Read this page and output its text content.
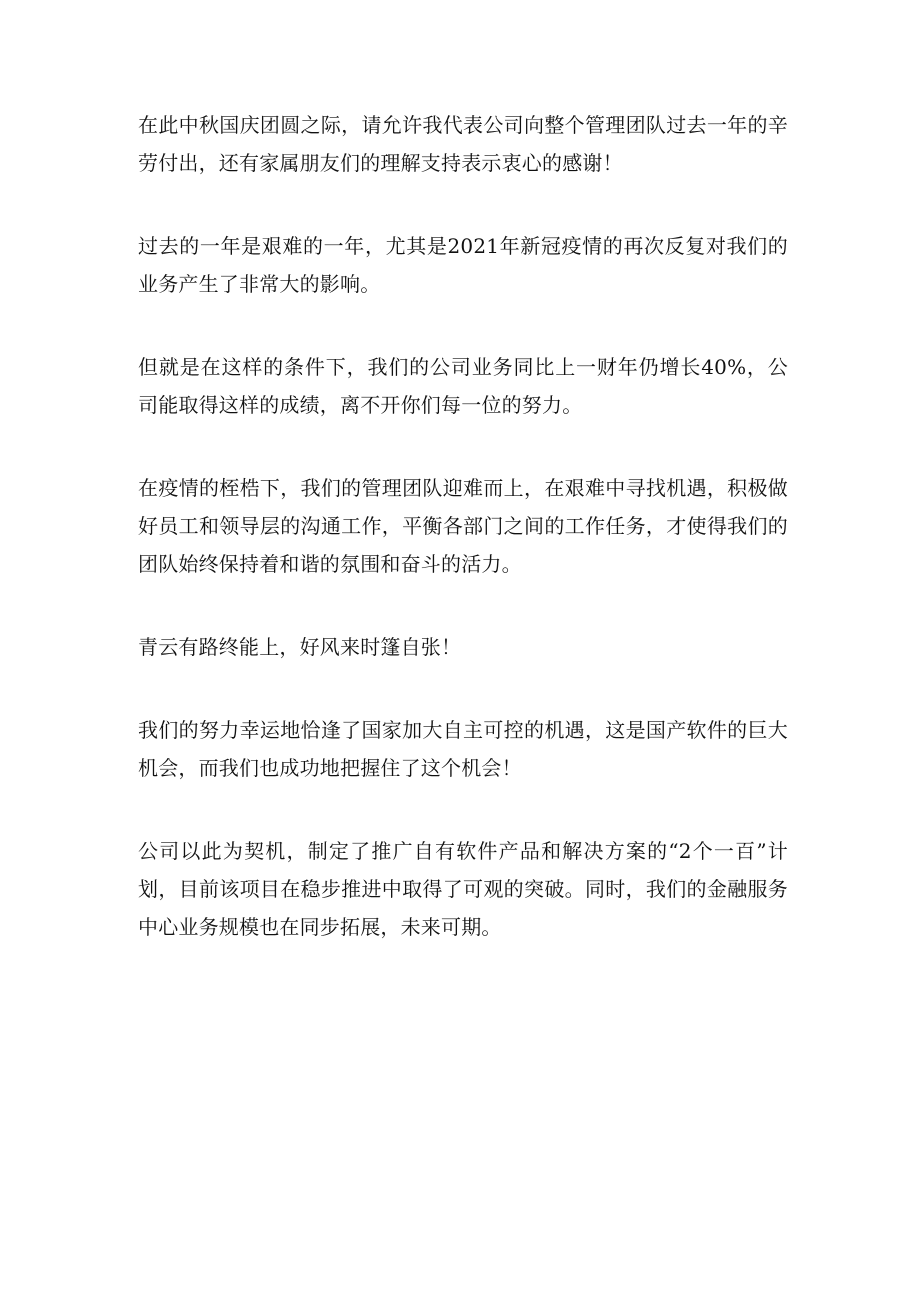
在此中秋国庆团圆之际，请允许我代表公司向整个管理团队过去一年的辛劳付出，还有家属朋友们的理解支持表示衷心的感谢！

过去的一年是艰难的一年，尤其是2021年新冠疫情的再次反复对我们的业务产生了非常大的影响。

但就是在这样的条件下，我们的公司业务同比上一财年仍增长40%，公司能取得这样的成绩，离不开你们每一位的努力。

在疫情的桎梏下，我们的管理团队迎难而上，在艰难中寻找机遇，积极做好员工和领导层的沟通工作，平衡各部门之间的工作任务，才使得我们的团队始终保持着和谐的氛围和奋斗的活力。

青云有路终能上，好风来时篷自张！

我们的努力幸运地恰逢了国家加大自主可控的机遇，这是国产软件的巨大机会，而我们也成功地把握住了这个机会！

公司以此为契机，制定了推广自有软件产品和解决方案的“2个一百”计划，目前该项目在稳步推进中取得了可观的突破。同时，我们的金融服务中心业务规模也在同步拓展，未来可期。
